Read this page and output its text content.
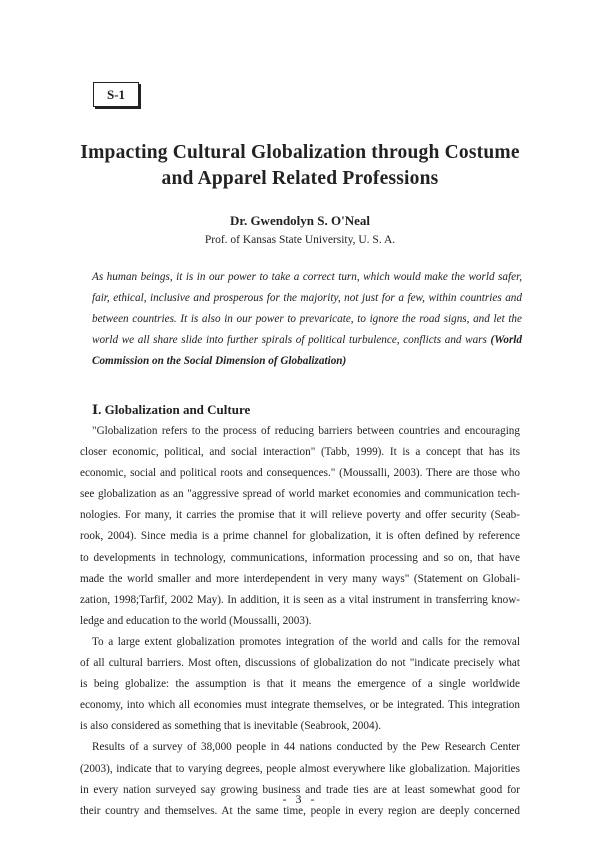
S-1
Impacting Cultural Globalization through Costume
and Apparel Related Professions
Dr. Gwendolyn S. O'Neal
Prof. of Kansas State University, U. S. A.
As human beings, it is in our power to take a correct turn, which would make the world safer,
fair, ethical, inclusive and prosperous for the majority, not just for a few, within countries and
between countries. It is also in our power to prevaricate, to ignore the road signs, and let the
world we all share slide into further spirals of political turbulence, conflicts and wars (World
Commission on the Social Dimension of Globalization)
Ⅰ. Globalization and Culture
"Globalization refers to the process of reducing barriers between countries and encouraging
closer economic, political, and social interaction" (Tabb, 1999). It is a concept that has its
economic, social and political roots and consequences." (Moussalli, 2003). There are those who
see globalization as an "aggressive spread of world market economies and communication tech-
nologies. For many, it carries the promise that it will relieve poverty and offer security (Seab-
rook, 2004). Since media is a prime channel for globalization, it is often defined by reference
to developments in technology, communications, information processing and so on, that have
made the world smaller and more interdependent in very many ways" (Statement on Globali-
zation, 1998;Tarfif, 2002 May). In addition, it is seen as a vital instrument in transferring know-
ledge and education to the world (Moussalli, 2003).
To a large extent globalization promotes integration of the world and calls for the removal
of all cultural barriers. Most often, discussions of globalization do not "indicate precisely what
is being globalize: the assumption is that it means the emergence of a single worldwide
economy, into which all economies must integrate themselves, or be integrated. This integration
is also considered as something that is inevitable (Seabrook, 2004).
Results of a survey of 38,000 people in 44 nations conducted by the Pew Research Center
(2003), indicate that to varying degrees, people almost everywhere like globalization. Majorities
in every nation surveyed say growing business and trade ties are at least somewhat good for
their country and themselves. At the same time, people in every region are deeply concerned
- 3 -
